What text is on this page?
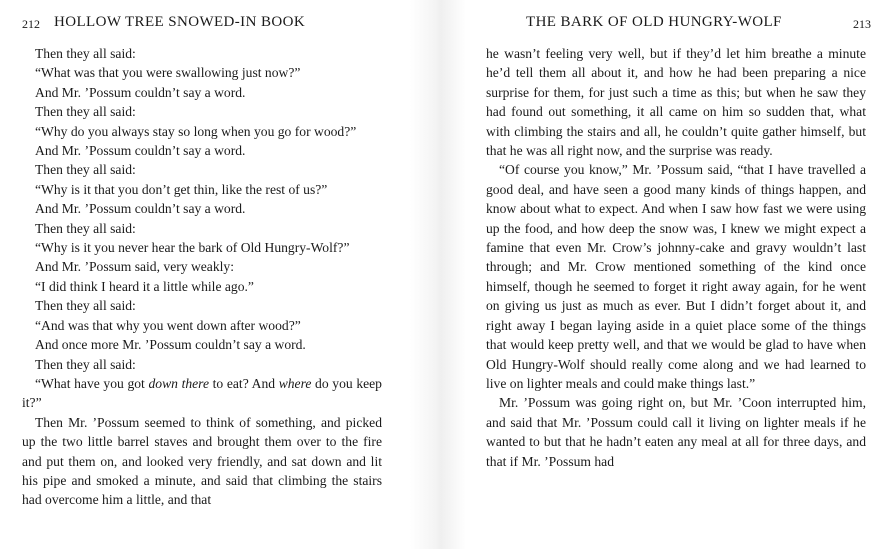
212 HOLLOW TREE SNOWED-IN BOOK

Then they all said:

“What was that you were swallowing just now?”

And Mr. ’Possum couldn’t say a word.

Then they all said:

“Why do you always stay so long when you go for wood?”

And Mr. ’Possum couldn’t say a word.

Then they all said:

“Why is it that you don’t get thin, like the rest of us?”

And Mr. ’Possum couldn’t say a word.

Then they all said:

“Why is it you never hear the bark of Old Hungry-Wolf?”

And Mr. ’Possum said, very weakly:

“I did think I heard it a little while ago.”

Then they all said:

“And was that why you went down after wood?”

And once more Mr. ’Possum couldn’t say a word.

Then they all said:

“What have you got down there to eat? And where do you keep it?”

Then Mr. ’Possum seemed to think of something, and picked up the two little barrel staves and brought them over to the fire and put them on, and looked very friendly, and sat down and lit his pipe and smoked a minute, and said that climbing the stairs had overcome him a little, and that

THE BARK OF OLD HUNGRY-WOLF	213

he wasn’t feeling very well, but if they’d let him breathe a minute he’d tell them all about it, and how he had been preparing a nice surprise for them, for just such a time as this; but when he saw they had found out something, it all came on him so sudden that, what with climbing the stairs and all, he couldn’t quite gather himself, but that he was all right now, and the surprise was ready.

“Of course you know,” Mr. ’Possum said, “that I have travelled a good deal, and have seen a good many kinds of things happen, and know about what to expect. And when I saw how fast we were using up the food, and how deep the snow was, I knew we might expect a famine that even Mr. Crow’s johnny-cake and gravy wouldn’t last through; and Mr. Crow mentioned something of the kind once himself, though he seemed to forget it right away again, for he went on giving us just as much as ever. But I didn’t forget about it, and right away I began laying aside in a quiet place some of the things that would keep pretty well, and that we would be glad to have when Old Hungry-Wolf should really come along and we had learned to live on lighter meals and could make things last.”

Mr. ’Possum was going right on, but Mr. ’Coon interrupted him, and said that Mr. ’Possum could call it living on lighter meals if he wanted to but that he hadn’t eaten any meal at all for three days, and that if Mr. ’Possum had
